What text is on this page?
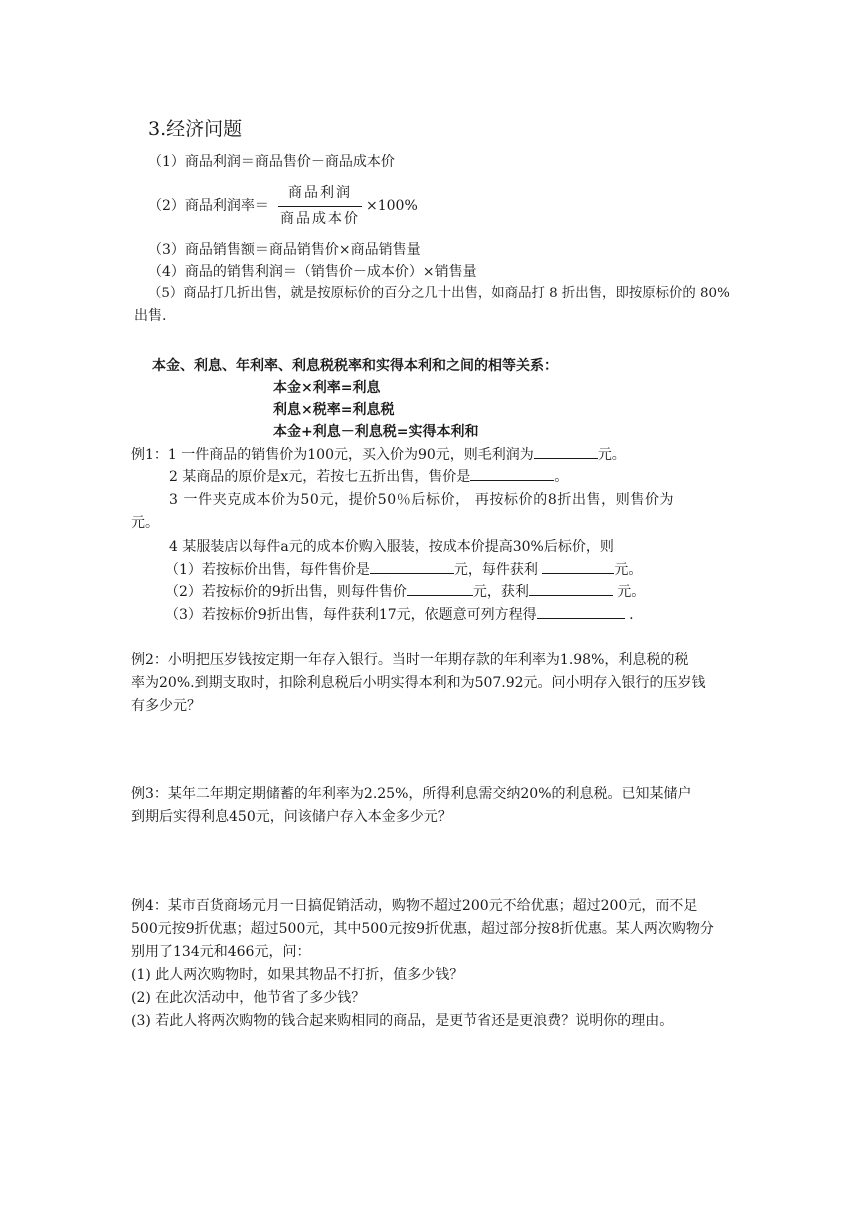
3.经济问题
（1）商品利润＝商品售价－商品成本价
（2）商品利润率＝
商品利润
商品成本价
×100%
（3）商品销售额＝商品销售价×商品销售量
（4）商品的销售利润＝（销售价－成本价）×销售量
（5）商品打几折出售，就是按原标价的百分之几十出售，如商品打 8 折出售，即按原标价的 80%
出售.
本金、利息、年利率、利息税税率和实得本利和之间的相等关系：
本金×利率=利息
利息×税率=利息税
本金+利息－利息税=实得本利和
例1：1 一件商品的销售价为100元，买入价为90元，则毛利润为	元。
2 某商品的原价是x元，若按七五折出售，售价是	。
3 一件夹克成本价为50元，提价50％后标价， 再按标价的8折出售，则售价为
元。
4 某服装店以每件a元的成本价购入服装，按成本价提高30%后标价，则
（1）若按标价出售，每件售价是	元，每件获利	元。
（2）若按标价的9折出售，则每件售价	元，获利	元。
（3）若按标价9折出售，每件获利17元，依题意可列方程得	.
例2：小明把压岁钱按定期一年存入银行。当时一年期存款的年利率为1.98%，利息税的税
率为20%.到期支取时，扣除利息税后小明实得本利和为507.92元。问小明存入银行的压岁钱
有多少元？
例3：某年二年期定期储蓄的年利率为2.25%，所得利息需交纳20%的利息税。已知某储户
到期后实得利息450元，问该储户存入本金多少元？
例4：某市百货商场元月一日搞促销活动，购物不超过200元不给优惠；超过200元，而不足
500元按9折优惠；超过500元，其中500元按9折优惠，超过部分按8折优惠。某人两次购物分
别用了134元和466元，问：
(1) 此人两次购物时，如果其物品不打折，值多少钱？
(2) 在此次活动中，他节省了多少钱？
(3) 若此人将两次购物的钱合起来购相同的商品，是更节省还是更浪费？说明你的理由。
